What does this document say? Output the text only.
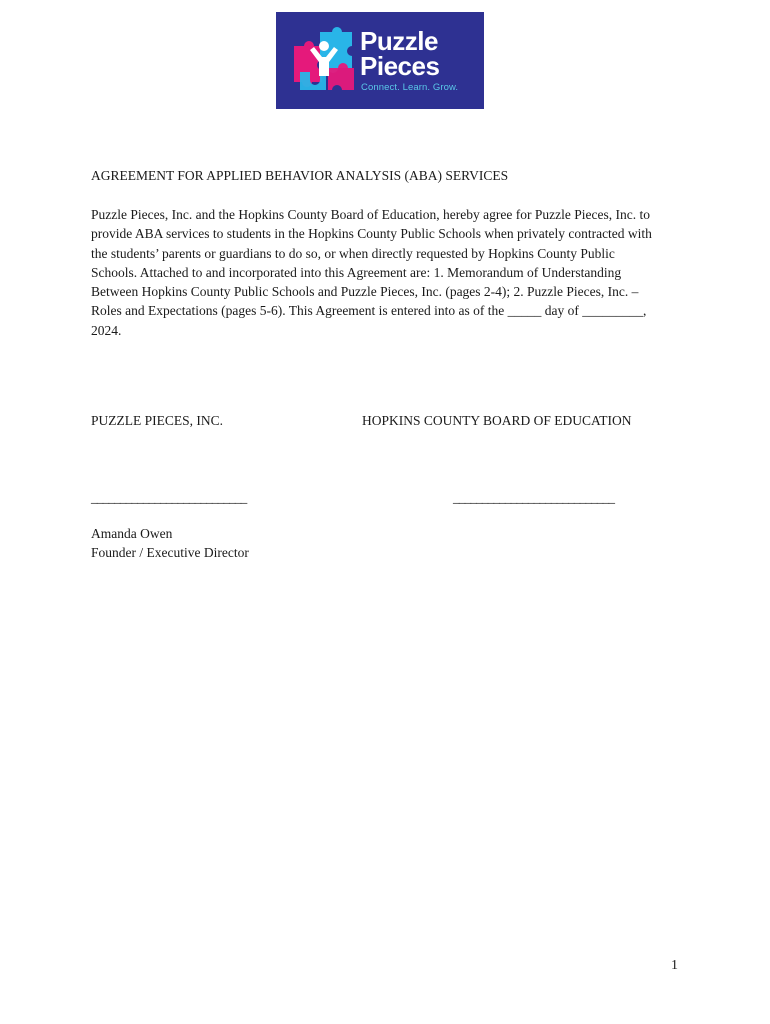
Puzzle
Pieces
Connect. Learn. Grow.
AGREEMENT FOR APPLIED BEHAVIOR ANALYSIS (ABA) SERVICES
Puzzle Pieces, Inc. and the Hopkins County Board of Education, hereby agree for Puzzle Pieces, Inc. to
provide ABA services to students in the Hopkins County Public Schools when privately contracted with
the students’ parents or guardians to do so, or when directly requested by Hopkins County Public
Schools. Attached to and incorporated into this Agreement are: 1. Memorandum of Understanding
Between Hopkins County Public Schools and Puzzle Pieces, Inc. (pages 2-4); 2. Puzzle Pieces, Inc. –
Roles and Expectations (pages 5-6). This Agreement is entered into as of the _____ day of _________,
2024.
PUZZLE PIECES, INC.	HOPKINS COUNTY BOARD OF EDUCATION
___________________________	____________________________
Amanda Owen
Founder / Executive Director
1
